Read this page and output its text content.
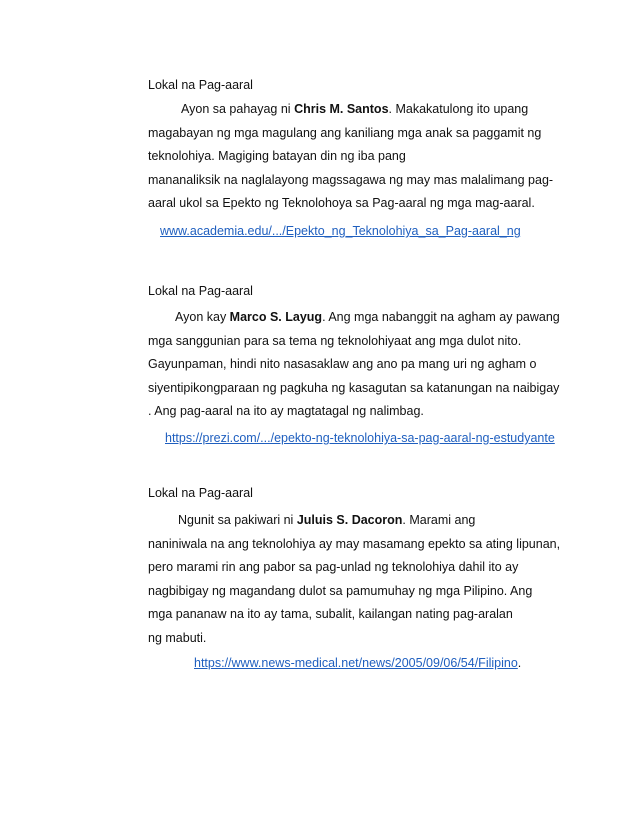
Lokal na Pag-aaral

Ayon sa pahayag ni Chris M. Santos. Makakatulong ito upang
magabayan ng mga magulang ang kaniliang mga anak sa paggamit ng
teknolohiya. Magiging batayan din ng iba pang
mananaliksik na naglalayong magssagawa ng may mas malalimang pag-
aaral ukol sa Epekto ng Teknolohoya sa Pag-aaral ng mga mag-aaral.

www.academia.edu/.../Epekto_ng_Teknolohiya_sa_Pag-aaral_ng

Lokal na Pag-aaral

Ayon kay Marco S. Layug. Ang mga nabanggit na agham ay pawang
mga sanggunian para sa tema ng teknolohiyaat ang mga dulot nito.
Gayunpaman, hindi nito nasasaklaw ang ano pa mang uri ng agham o
siyentipikongparaan ng pagkuha ng kasagutan sa katanungan na naibigay
. Ang pag-aaral na ito ay magtatagal ng nalimbag.

https://prezi.com/.../epekto-ng-teknolohiya-sa-pag-aaral-ng-estudyante

Lokal na Pag-aaral

Ngunit sa pakiwari ni Juluis S. Dacoron. Marami ang
naniniwala na ang teknolohiya ay may masamang epekto sa ating lipunan,
pero marami rin ang pabor sa pag-unlad ng teknolohiya dahil ito ay
nagbibigay ng magandang dulot sa pamumuhay ng mga Pilipino. Ang
mga pananaw na ito ay tama, subalit, kailangan nating pag-aralan
ng mabuti.

https://www.news-medical.net/news/2005/09/06/54/Filipino.
